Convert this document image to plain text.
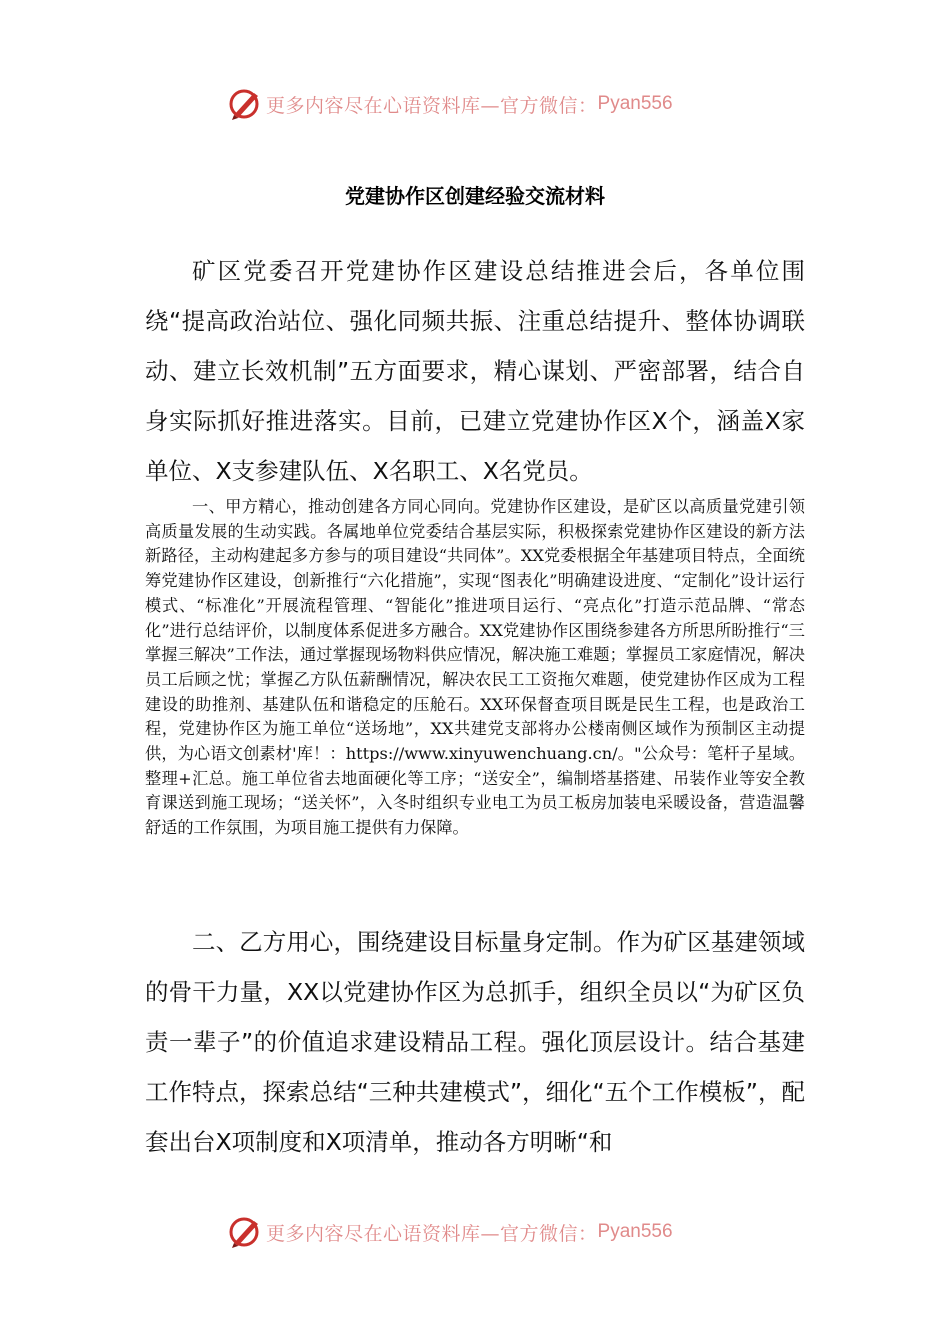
更多内容尽在心语资料库—官方微信： Pyan556
党建协作区创建经验交流材料

矿区党委召开党建协作区建设总结推进会后，各单位围绕“提高政治站位、强化同频共振、注重总结提升、整体协调联动、建立长效机制”五方面要求，精心谋划、严密部署，结合自身实际抓好推进落实。目前，已建立党建协作区X个，涵盖X家单位、X支参建队伍、X名职工、X名党员。

一、甲方精心，推动创建各方同心同向。党建协作区建设，是矿区以高质量党建引领高质量发展的生动实践。各属地单位党委结合基层实际，积极探索党建协作区建设的新方法新路径，主动构建起多方参与的项目建设“共同体”。XX党委根据全年基建项目特点，全面统筹党建协作区建设，创新推行“六化措施”，实现“图表化”明确建设进度、“定制化”设计运行模式、“标准化”开展流程管理、“智能化”推进项目运行、“亮点化”打造示范品牌、“常态化”进行总结评价，以制度体系促进多方融合。XX党建协作区围绕参建各方所思所盼推行“三掌握三解决”工作法，通过掌握现场物料供应情况，解决施工难题；掌握员工家庭情况，解决员工后顾之忧；掌握乙方队伍薪酬情况，解决农民工工资拖欠难题，使党建协作区成为工程建设的助推剂、基建队伍和谐稳定的压舱石。XX环保督查项目既是民生工程，也是政治工程，党建协作区为施工单位“送场地”，XX共建党支部将办公楼南侧区域作为预制区主动提供，为心语文创素材'库！：https://www.xinyuwenchuang.cn/。"公众号：笔杆子星域。整理+汇总。施工单位省去地面硬化等工序；“送安全”，编制塔基搭建、吊装作业等安全教育课送到施工现场；“送关怀”，入冬时组织专业电工为员工板房加装电采暖设备，营造温馨舒适的工作氛围，为项目施工提供有力保障。

二、乙方用心，围绕建设目标量身定制。作为矿区基建领域的骨干力量，XX以党建协作区为总抓手，组织全员以“为矿区负责一辈子”的价值追求建设精品工程。强化顶层设计。结合基建工作特点，探索总结“三种共建模式”，细化“五个工作模板”，配套出台X项制度和X项清单，推动各方明晰“和

更多内容尽在心语资料库—官方微信： Pyan556
